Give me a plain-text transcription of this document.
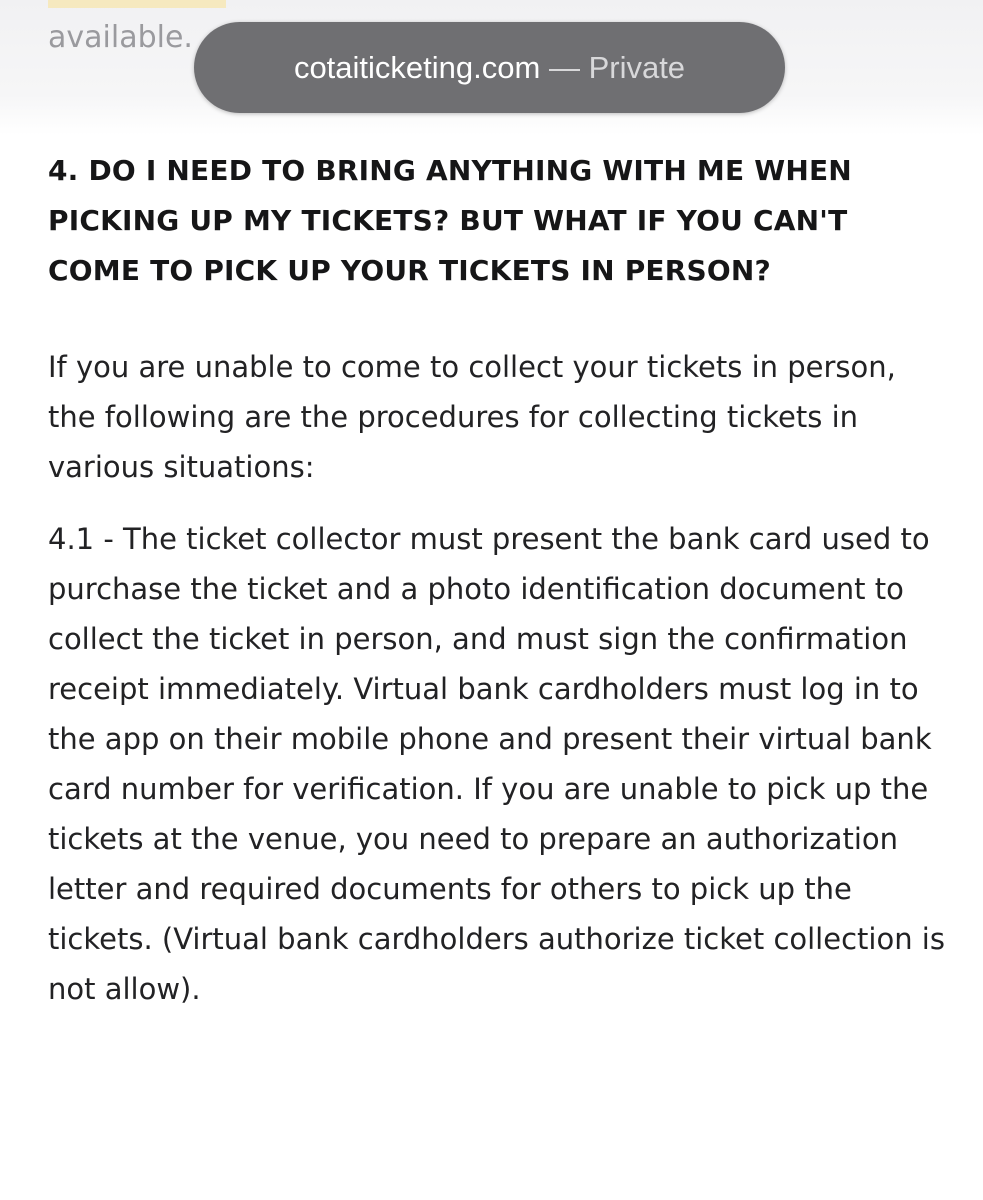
available.
cotaiticketing.com — Private
4. DO I NEED TO BRING ANYTHING WITH ME WHEN PICKING UP MY TICKETS? BUT WHAT IF YOU CAN'T COME TO PICK UP YOUR TICKETS IN PERSON?

If you are unable to come to collect your tickets in person, the following are the procedures for collecting tickets in various situations:

4.1 - The ticket collector must present the bank card used to purchase the ticket and a photo identification document to collect the ticket in person, and must sign the confirmation receipt immediately. Virtual bank cardholders must log in to the app on their mobile phone and present their virtual bank card number for verification. If you are unable to pick up the tickets at the venue, you need to prepare an authorization letter and required documents for others to pick up the tickets. (Virtual bank cardholders authorize ticket collection is not allow).
